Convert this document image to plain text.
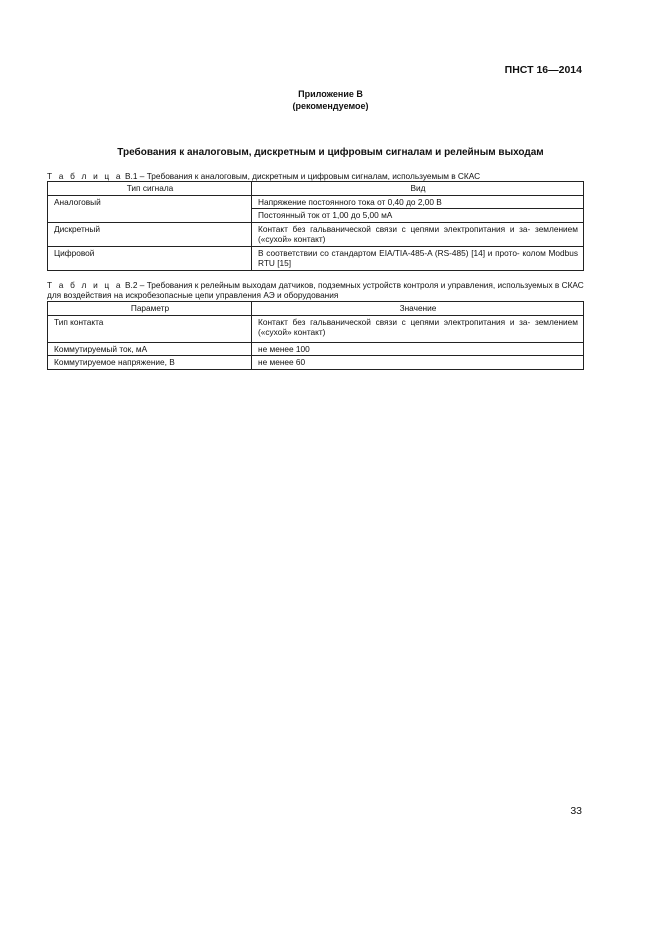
ПНСТ 16—2014
Приложение В
(рекомендуемое)
Требования к аналоговым, дискретным и цифровым сигналам и релейным выходам
Т а б л и ц а В.1 – Требования к аналоговым, дискретным и цифровым сигналам, используемым в СКАС
Тип сигнала	Вид
Аналоговый	Напряжение постоянного тока от 0,40 до 2,00 В
	Постоянный ток от 1,00 до 5,00 мА
Дискретный	Контакт без гальванической связи с цепями электропитания и за- землением («сухой» контакт)
Цифровой	В соответствии со стандартом EIA/TIA-485-A (RS-485) [14] и прото- колом Modbus RTU [15]
Т а б л и ц а В.2 – Требования к релейным выходам датчиков, подземных устройств контроля и управления, используемых в СКАС для воздействия на искробезопасные цепи управления АЭ и оборудования
Параметр	Значение
Тип контакта	Контакт без гальванической связи с цепями электропитания и за- землением («сухой» контакт)
Коммутируемый ток, мА	не менее 100
Коммутируемое напряжение, В	не менее 60
33
